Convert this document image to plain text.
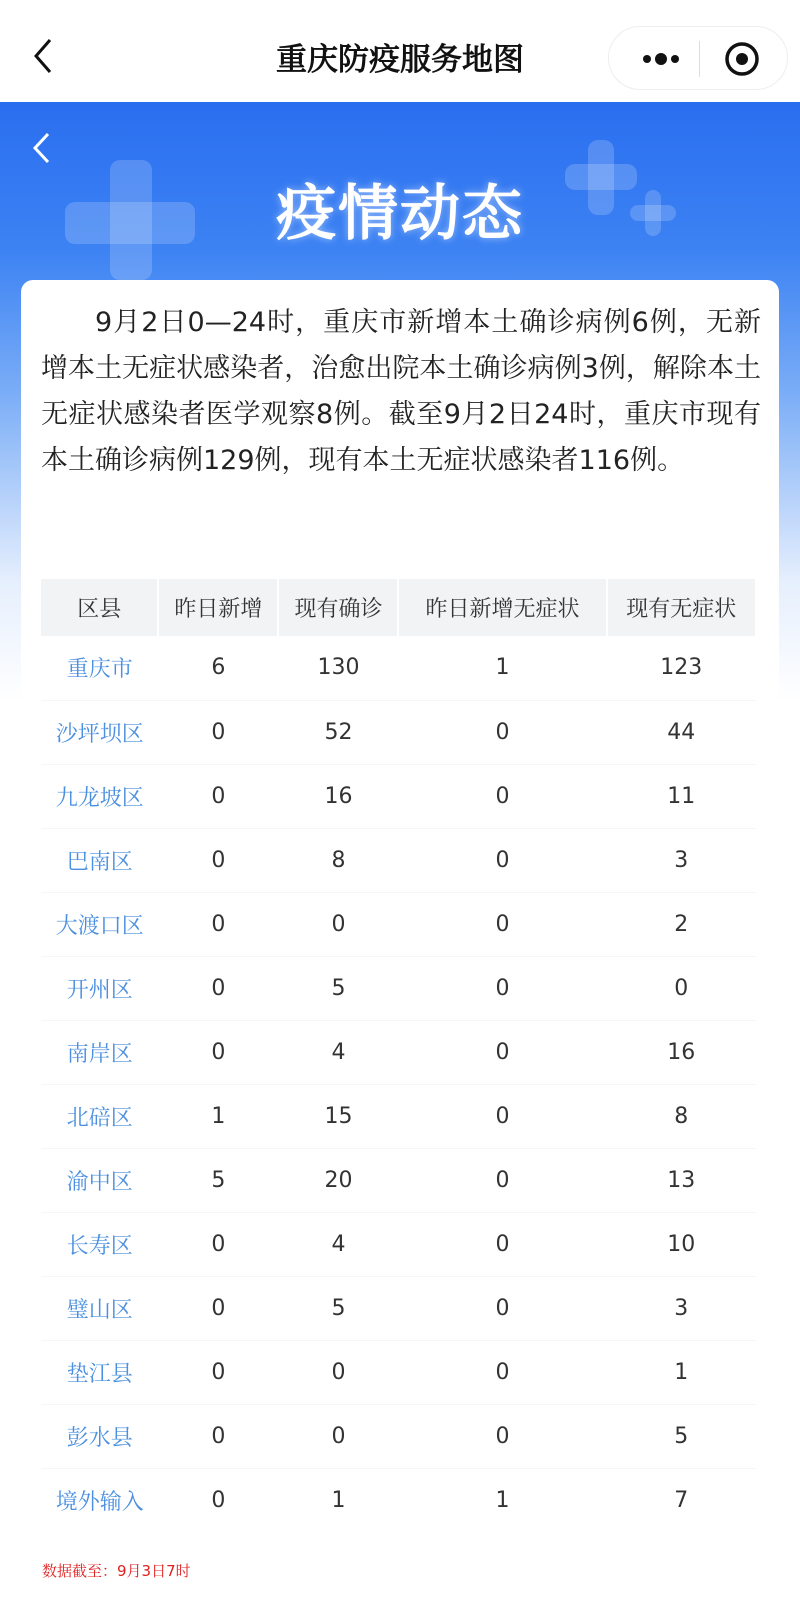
重庆防疫服务地图
疫情动态

9月2日0—24时，重庆市新增本土确诊病例6例，无新增本土无症状感染者，治愈出院本土确诊病例3例，解除本土无症状感染者医学观察8例。截至9月2日24时，重庆市现有本土确诊病例129例，现有本土无症状感染者116例。

区县	昨日新增	现有确诊	昨日新增无症状	现有无症状
重庆市	6	130	1	123
沙坪坝区	0	52	0	44
九龙坡区	0	16	0	11
巴南区	0	8	0	3
大渡口区	0	0	0	2
开州区	0	5	0	0
南岸区	0	4	0	16
北碚区	1	15	0	8
渝中区	5	20	0	13
长寿区	0	4	0	10
璧山区	0	5	0	3
垫江县	0	0	0	1
彭水县	0	0	0	5
境外输入	0	1	1	7
数据截至：9月3日7时
